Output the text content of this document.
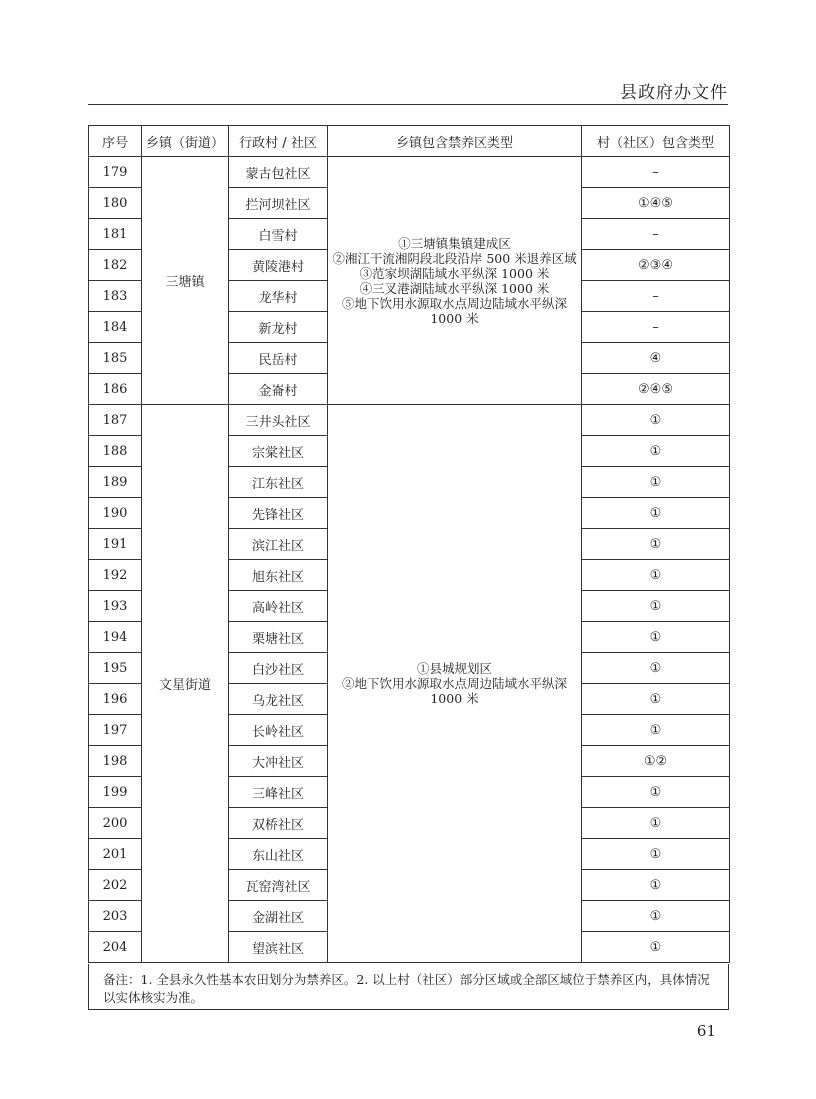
县政府办文件
序号	乡镇（街道）	行政村 / 社区	乡镇包含禁养区类型	村（社区）包含类型
179	三塘镇	蒙古包社区	①三塘镇集镇建成区
②湘江干流湘阴段北段沿岸 500 米退养区域
③范家坝湖陆域水平纵深 1000 米
④三叉港湖陆域水平纵深 1000 米
⑤地下饮用水源取水点周边陆域水平纵深 1000 米	–
180		拦河坝社区		①④⑤
181		白雪村		–
182		黄陵港村		②③④
183		龙华村		–
184		新龙村		–
185		民岳村		④
186		金崙村		②④⑤
187	文星街道	三井头社区	①县城规划区
②地下饮用水源取水点周边陆域水平纵深 1000 米	①
188		宗棠社区		①
189		江东社区		①
190		先锋社区		①
191		滨江社区		①
192		旭东社区		①
193		高岭社区		①
194		栗塘社区		①
195		白沙社区		①
196		乌龙社区		①
197		长岭社区		①
198		大冲社区		①②
199		三峰社区		①
200		双桥社区		①
201		东山社区		①
202		瓦窑湾社区		①
203		金湖社区		①
204		望滨社区		①
备注：1. 全县永久性基本农田划分为禁养区。2. 以上村（社区）部分区域或全部区域位于禁养区内，具体情况以实体核实为准。
61
